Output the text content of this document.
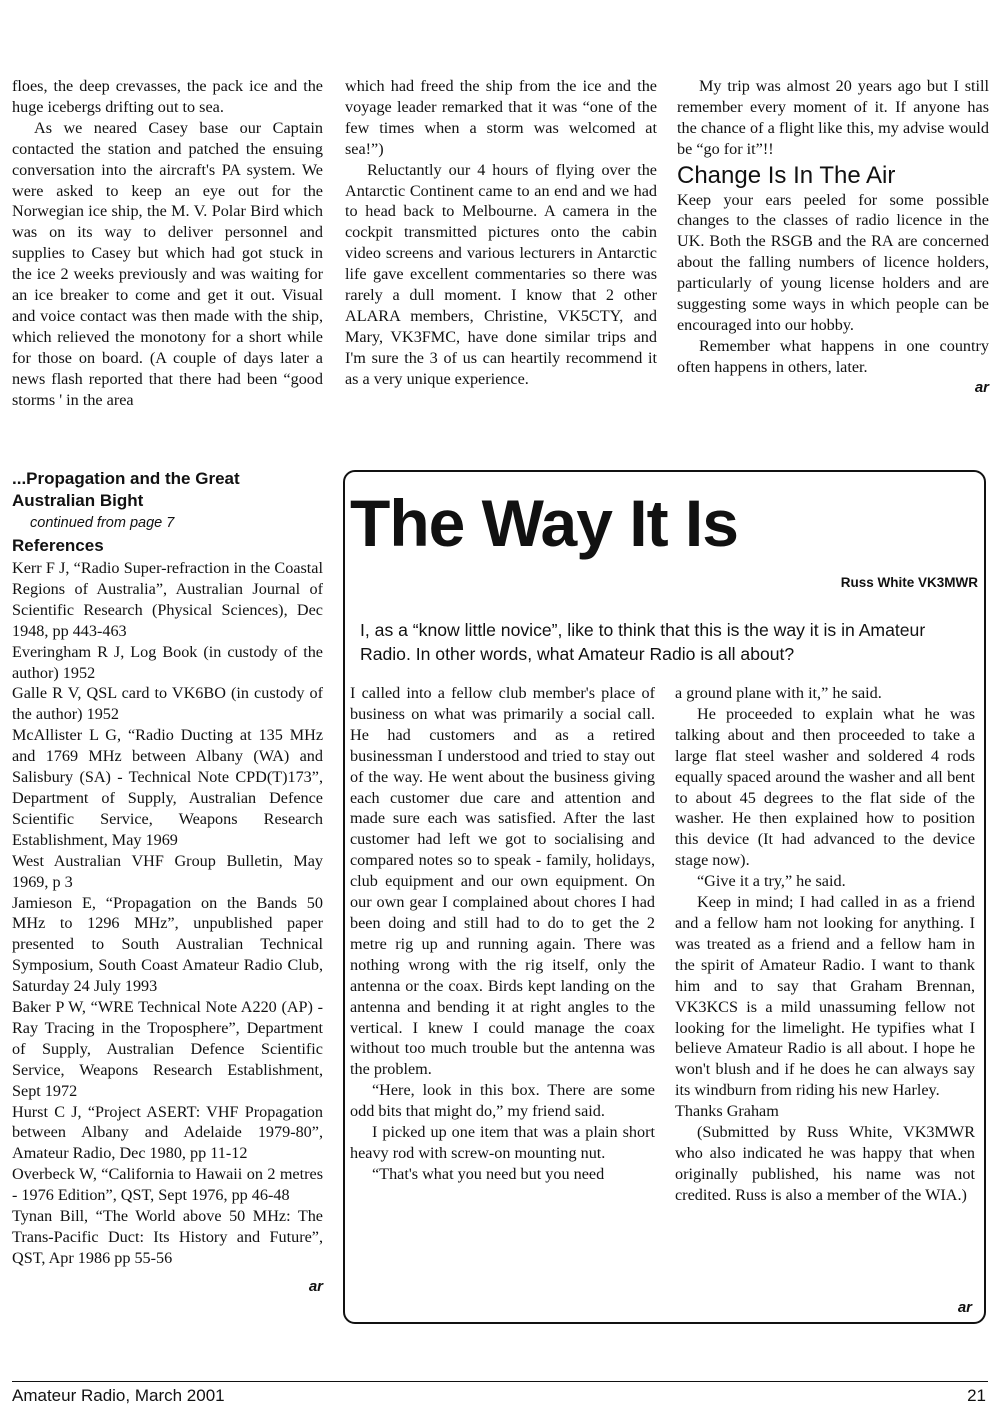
floes, the deep crevasses, the pack ice and the huge icebergs drifting out to sea.

As we neared Casey base our Captain contacted the station and patched the ensuing conversation into the aircraft's PA system. We were asked to keep an eye out for the Norwegian ice ship, the M. V. Polar Bird which was on its way to deliver personnel and supplies to Casey but which had got stuck in the ice 2 weeks previously and was waiting for an ice breaker to come and get it out. Visual and voice contact was then made with the ship, which relieved the monotony for a short while for those on board. (A couple of days later a news flash reported that there had been “good storms ' in the area

which had freed the ship from the ice and the voyage leader remarked that it was “one of the few times when a storm was welcomed at sea!”)

Reluctantly our 4 hours of flying over the Antarctic Continent came to an end and we had to head back to Melbourne. A camera in the cockpit transmitted pictures onto the cabin video screens and various lecturers in Antarctic life gave excellent commentaries so there was rarely a dull moment. I know that 2 other ALARA members, Christine, VK5CTY, and Mary, VK3FMC, have done similar trips and I'm sure the 3 of us can heartily recommend it as a very unique experience.

My trip was almost 20 years ago but I still remember every moment of it. If anyone has the chance of a flight like this, my advise would be “go for it”!!

Change Is In The Air

Keep your ears peeled for some possible changes to the classes of radio licence in the UK. Both the RSGB and the RA are concerned about the falling numbers of licence holders, particularly of young license holders and are suggesting some ways in which people can be encouraged into our hobby.

Remember what happens in one country often happens in others, later.

ar
...Propagation and the Great
Australian Bight
continued from page 7
References

Kerr F J, “Radio Super-refraction in the Coastal Regions of Australia”, Australian Journal of Scientific Research (Physical Sciences), Dec 1948, pp 443-463

Everingham R J, Log Book (in custody of the author) 1952

Galle R V, QSL card to VK6BO (in custody of the author) 1952

McAllister L G, “Radio Ducting at 135 MHz and 1769 MHz between Albany (WA) and Salisbury (SA) - Technical Note CPD(T)173”, Department of Supply, Australian Defence Scientific Service, Weapons Research Establishment, May 1969

West Australian VHF Group Bulletin, May 1969, p 3

Jamieson E, “Propagation on the Bands 50 MHz to 1296 MHz”, unpublished paper presented to South Australian Technical Symposium, South Coast Amateur Radio Club, Saturday 24 July 1993

Baker P W, “WRE Technical Note A220 (AP) - Ray Tracing in the Troposphere”, Department of Supply, Australian Defence Scientific Service, Weapons Research Establishment, Sept 1972

Hurst C J, “Project ASERT: VHF Propagation between Albany and Adelaide 1979-80”, Amateur Radio, Dec 1980, pp 11-12

Overbeck W, “California to Hawaii on 2 metres - 1976 Edition”, QST, Sept 1976, pp 46-48

Tynan Bill, “The World above 50 MHz: The Trans-Pacific Duct: Its History and Future”, QST, Apr 1986 pp 55-56

ar
The Way It Is
Russ White VK3MWR

I, as a “know little novice”, like to think that this is the way it is in Amateur Radio. In other words, what Amateur Radio is all about?

I called into a fellow club member's place of business on what was primarily a social call. He had customers and as a retired businessman I understood and tried to stay out of the way. He went about the business giving each customer due care and attention and made sure each was satisfied. After the last customer had left we got to socialising and compared notes so to speak - family, holidays, club equipment and our own equipment. On our own gear I complained about chores I had been doing and still had to do to get the 2 metre rig up and running again. There was nothing wrong with the rig itself, only the antenna or the coax. Birds kept landing on the antenna and bending it at right angles to the vertical. I knew I could manage the coax without too much trouble but the antenna was the problem.

“Here, look in this box. There are some odd bits that might do,” my friend said.

I picked up one item that was a plain short heavy rod with screw-on mounting nut.

“That's what you need but you need

a ground plane with it,” he said.

He proceeded to explain what he was talking about and then proceeded to take a large flat steel washer and soldered 4 rods equally spaced around the washer and all bent to about 45 degrees to the flat side of the washer. He then explained how to position this device (It had advanced to the device stage now).

“Give it a try,” he said.

Keep in mind; I had called in as a friend and a fellow ham not looking for anything. I was treated as a friend and a fellow ham in the spirit of Amateur Radio. I want to thank him and to say that Graham Brennan, VK3KCS is a mild unassuming fellow not looking for the limelight. He typifies what I believe Amateur Radio is all about. I hope he won't blush and if he does he can always say its windburn from riding his new Harley.

Thanks Graham

(Submitted by Russ White, VK3MWR who also indicated he was happy that when originally published, his name was not credited. Russ is also a member of the WIA.)

ar
Amateur Radio, March 2001	21
